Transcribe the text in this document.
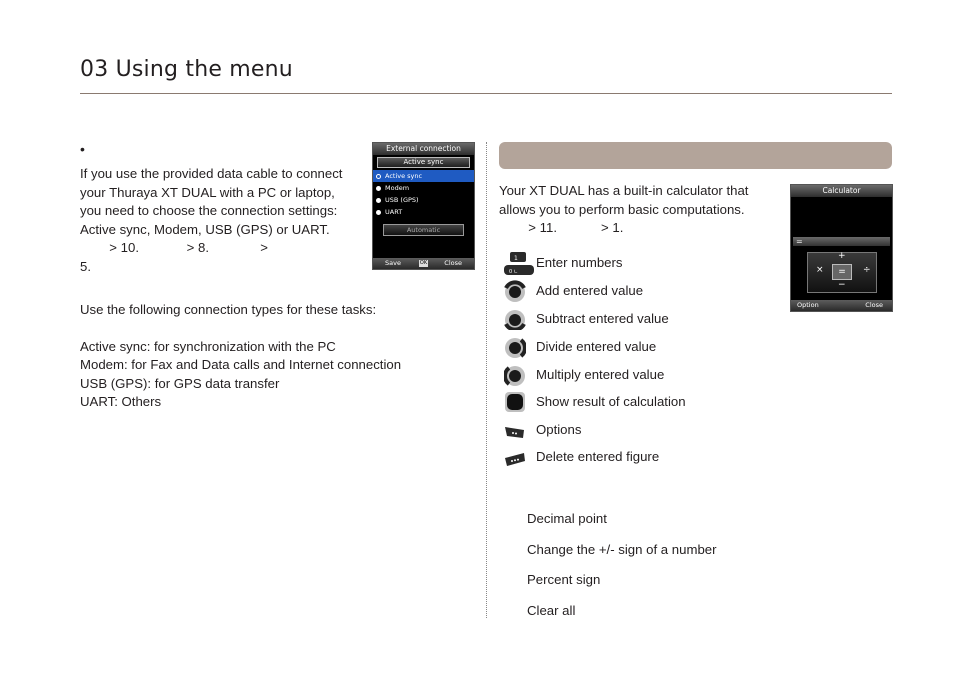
03 Using the menu
•
If you use the provided data cable to connect
your Thuraya XT DUAL with a PC or laptop,
you need to choose the connection settings:
Active sync, Modem, USB (GPS) or UART.
> 10.             > 8.              >
5.
Use the following connection types for these tasks:
Active sync: for synchronization with the PC
Modem: for Fax and Data calls and Internet connection
USB (GPS): for GPS data transfer
UART: Others
External connection
Active sync
Active sync
Modem
USB (GPS)
UART
Automatic
Save	OK	Close
Your XT DUAL has a built-in calculator that
allows you to perform basic computations.
> 11.            > 1.
1
0 ∟
Enter numbers
Add entered value
Subtract entered value
Divide entered value
Multiply entered value
Show result of calculation
Options
Delete entered figure
Decimal point
Change the +/- sign of a number
Percent sign
Clear all
Calculator
=
+
−
×	÷
=
Option	Close
